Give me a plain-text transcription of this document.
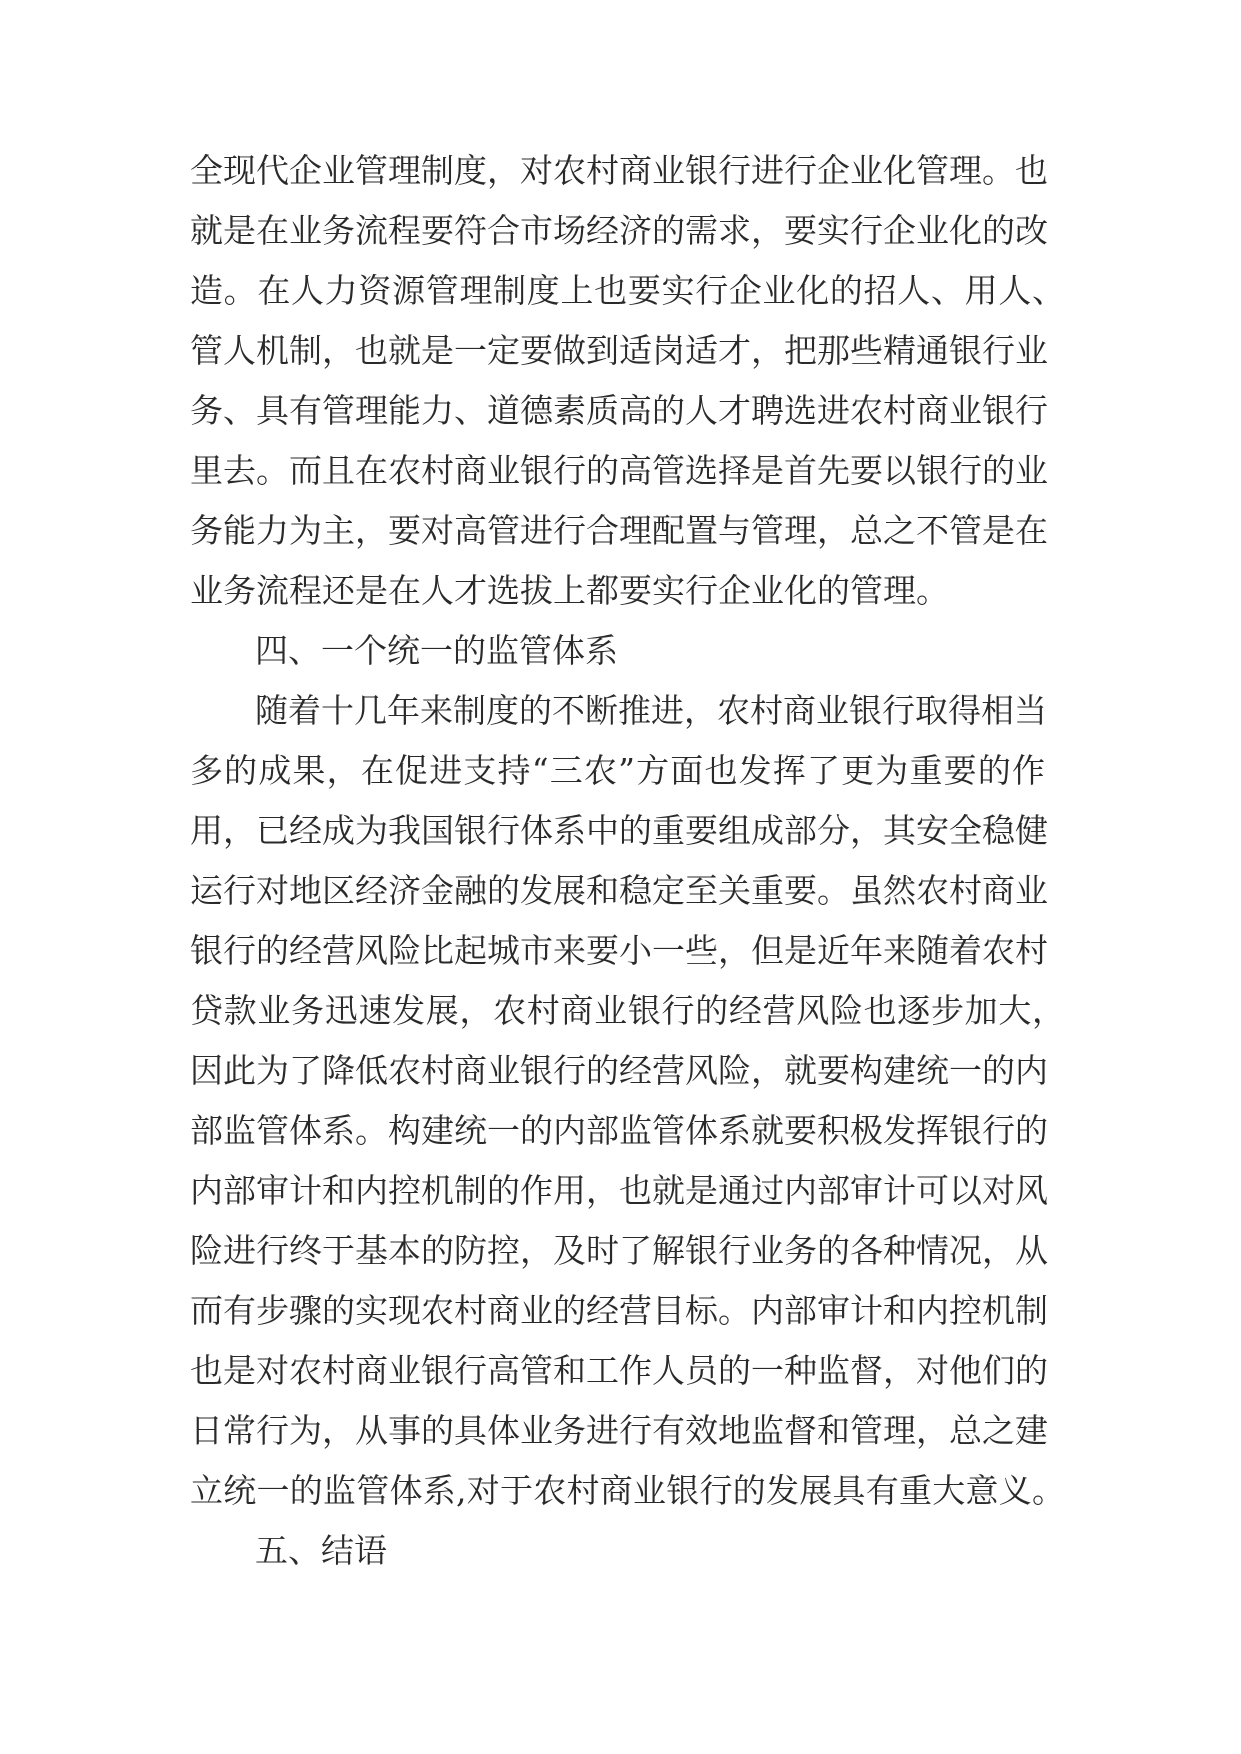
全现代企业管理制度，对农村商业银行进行企业化管理。也
就是在业务流程要符合市场经济的需求，要实行企业化的改
造。在人力资源管理制度上也要实行企业化的招人、用人、
管人机制，也就是一定要做到适岗适才，把那些精通银行业
务、具有管理能力、道德素质高的人才聘选进农村商业银行
里去。而且在农村商业银行的高管选择是首先要以银行的业
务能力为主，要对高管进行合理配置与管理，总之不管是在
业务流程还是在人才选拔上都要实行企业化的管理。
四、一个统一的监管体系
随着十几年来制度的不断推进，农村商业银行取得相当
多的成果，在促进支持“三农”方面也发挥了更为重要的作
用，已经成为我国银行体系中的重要组成部分，其安全稳健
运行对地区经济金融的发展和稳定至关重要。虽然农村商业
银行的经营风险比起城市来要小一些，但是近年来随着农村
贷款业务迅速发展，农村商业银行的经营风险也逐步加大，
因此为了降低农村商业银行的经营风险，就要构建统一的内
部监管体系。构建统一的内部监管体系就要积极发挥银行的
内部审计和内控机制的作用，也就是通过内部审计可以对风
险进行终于基本的防控，及时了解银行业务的各种情况，从
而有步骤的实现农村商业的经营目标。内部审计和内控机制
也是对农村商业银行高管和工作人员的一种监督，对他们的
日常行为，从事的具体业务进行有效地监督和管理，总之建
立统一的监管体系,对于农村商业银行的发展具有重大意义。
五、结语
